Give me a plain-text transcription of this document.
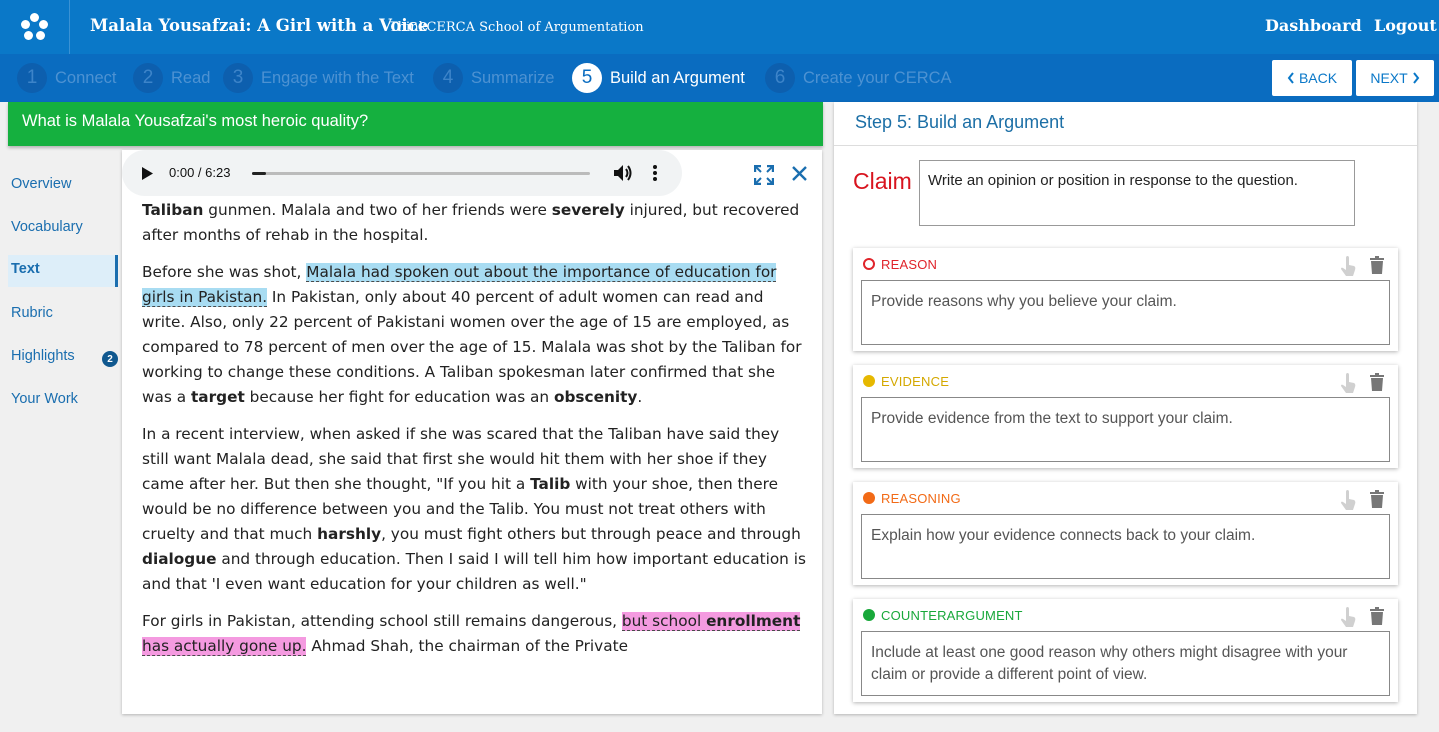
Malala Yousafzai: A Girl with a Voice
ThinkCERCA School of Argumentation	Dashboard Logout
1	Connect	2	Read	3	Engage with the Text	4	Summarize	5	Build an Argument	6	Create your CERCA	BACK NEXT
What is Malala Yousafzai's most heroic quality?
Overview
Vocabulary
Text
Rubric
Highlights	2
Your Work
0:00 / 6:23

Taliban gunmen. Malala and two of her friends were severely injured, but recovered after months of rehab in the hospital.

Before she was shot, Malala had spoken out about the importance of education for girls in Pakistan. In Pakistan, only about 40 percent of adult women can read and write. Also, only 22 percent of Pakistani women over the age of 15 are employed, as compared to 78 percent of men over the age of 15. Malala was shot by the Taliban for working to change these conditions. A Taliban spokesman later confirmed that she was a target because her fight for education was an obscenity.

In a recent interview, when asked if she was scared that the Taliban have said they still want Malala dead, she said that first she would hit them with her shoe if they came after her. But then she thought, "If you hit a Talib with your shoe, then there would be no difference between you and the Talib. You must not treat others with cruelty and that much harshly, you must fight others but through peace and through dialogue and through education. Then I said I will tell him how important education is and that 'I even want education for your children as well."

For girls in Pakistan, attending school still remains dangerous, but school enrollment has actually gone up. Ahmad Shah, the chairman of the Private

Step 5: Build an Argument
Claim	Write an opinion or position in response to the question.
REASON
Provide reasons why you believe your claim.
EVIDENCE
Provide evidence from the text to support your claim.
REASONING
Explain how your evidence connects back to your claim.
COUNTERARGUMENT
Include at least one good reason why others might disagree with your claim or provide a different point of view.
